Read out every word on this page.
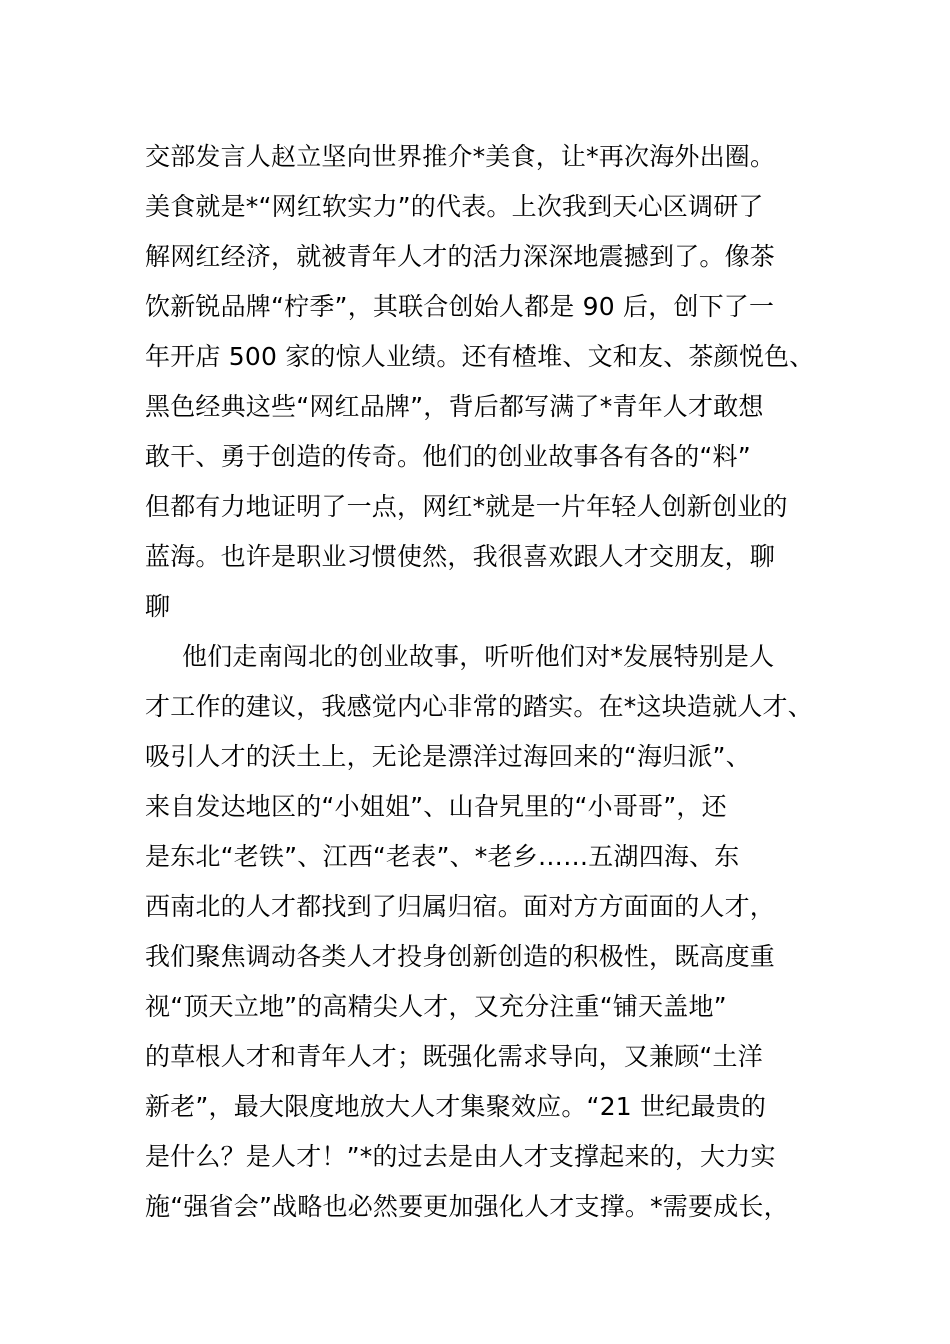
交部发言人赵立坚向世界推介*美食，让*再次海外出圈。
美食就是*“网红软实力”的代表。上次我到天心区调研了
解网红经济，就被青年人才的活力深深地震撼到了。像茶
饮新锐品牌“柠季”，其联合创始人都是 90 后，创下了一
年开店 500 家的惊人业绩。还有楂堆、文和友、茶颜悦色、
黑色经典这些“网红品牌”，背后都写满了*青年人才敢想
敢干、勇于创造的传奇。他们的创业故事各有各的“料”
但都有力地证明了一点，网红*就是一片年轻人创新创业的
蓝海。也许是职业习惯使然，我很喜欢跟人才交朋友，聊
聊
他们走南闯北的创业故事，听听他们对*发展特别是人
才工作的建议，我感觉内心非常的踏实。在*这块造就人才、
吸引人才的沃土上，无论是漂洋过海回来的“海归派”、
来自发达地区的“小姐姐”、山旮旯里的“小哥哥”，还
是东北“老铁”、江西“老表”、*老乡……五湖四海、东
西南北的人才都找到了归属归宿。面对方方面面的人才，
我们聚焦调动各类人才投身创新创造的积极性，既高度重
视“顶天立地”的高精尖人才，又充分注重“铺天盖地”
的草根人才和青年人才；既强化需求导向，又兼顾“土洋
新老”，最大限度地放大人才集聚效应。“21 世纪最贵的
是什么？是人才！”*的过去是由人才支撑起来的，大力实
施“强省会”战略也必然要更加强化人才支撑。*需要成长，
